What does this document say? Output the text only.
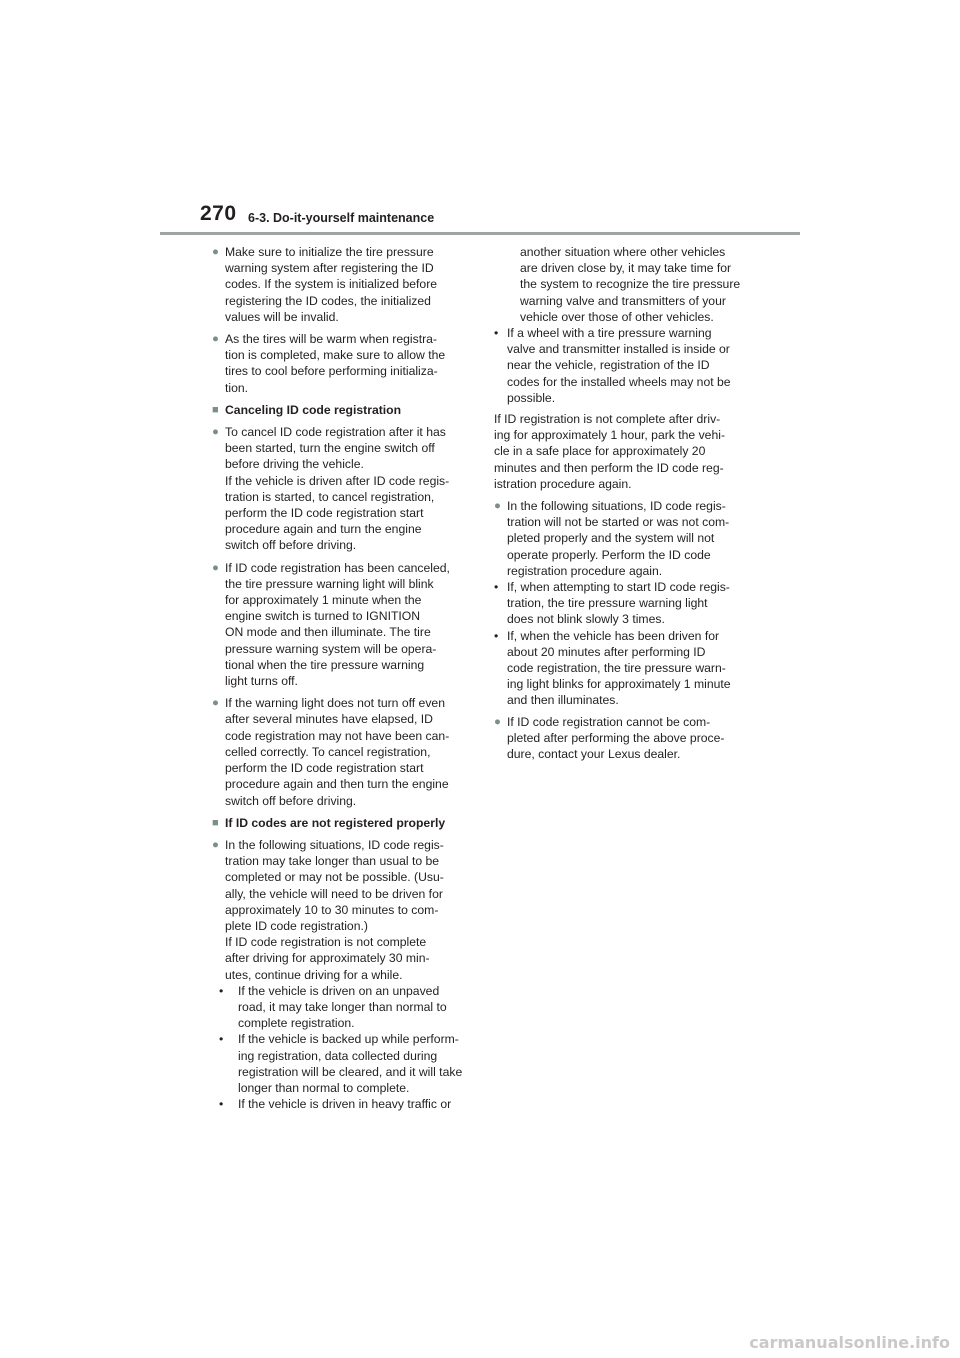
270 6-3. Do-it-yourself maintenance
● Make sure to initialize the tire pressure
warning system after registering the ID
codes. If the system is initialized before
registering the ID codes, the initialized
values will be invalid.
● As the tires will be warm when registra-
tion is completed, make sure to allow the
tires to cool before performing initializa-
tion.
■ Canceling ID code registration
● To cancel ID code registration after it has
been started, turn the engine switch off
before driving the vehicle.
If the vehicle is driven after ID code regis-
tration is started, to cancel registration,
perform the ID code registration start
procedure again and turn the engine
switch off before driving.
● If ID code registration has been canceled,
the tire pressure warning light will blink
for approximately 1 minute when the
engine switch is turned to IGNITION
ON mode and then illuminate. The tire
pressure warning system will be opera-
tional when the tire pressure warning
light turns off.
● If the warning light does not turn off even
after several minutes have elapsed, ID
code registration may not have been can-
celled correctly. To cancel registration,
perform the ID code registration start
procedure again and then turn the engine
switch off before driving.
■ If ID codes are not registered properly
● In the following situations, ID code regis-
tration may take longer than usual to be
completed or may not be possible. (Usu-
ally, the vehicle will need to be driven for
approximately 10 to 30 minutes to com-
plete ID code registration.)
If ID code registration is not complete
after driving for approximately 30 min-
utes, continue driving for a while.
• If the vehicle is driven on an unpaved
road, it may take longer than normal to
complete registration.
• If the vehicle is backed up while perform-
ing registration, data collected during
registration will be cleared, and it will take
longer than normal to complete.
• If the vehicle is driven in heavy traffic or
another situation where other vehicles
are driven close by, it may take time for
the system to recognize the tire pressure
warning valve and transmitters of your
vehicle over those of other vehicles.
• If a wheel with a tire pressure warning
valve and transmitter installed is inside or
near the vehicle, registration of the ID
codes for the installed wheels may not be
possible.
If ID registration is not complete after driv-
ing for approximately 1 hour, park the vehi-
cle in a safe place for approximately 20
minutes and then perform the ID code reg-
istration procedure again.
● In the following situations, ID code regis-
tration will not be started or was not com-
pleted properly and the system will not
operate properly. Perform the ID code
registration procedure again.
• If, when attempting to start ID code regis-
tration, the tire pressure warning light
does not blink slowly 3 times.
• If, when the vehicle has been driven for
about 20 minutes after performing ID
code registration, the tire pressure warn-
ing light blinks for approximately 1 minute
and then illuminates.
● If ID code registration cannot be com-
pleted after performing the above proce-
dure, contact your Lexus dealer.
carmanualsonline.info
